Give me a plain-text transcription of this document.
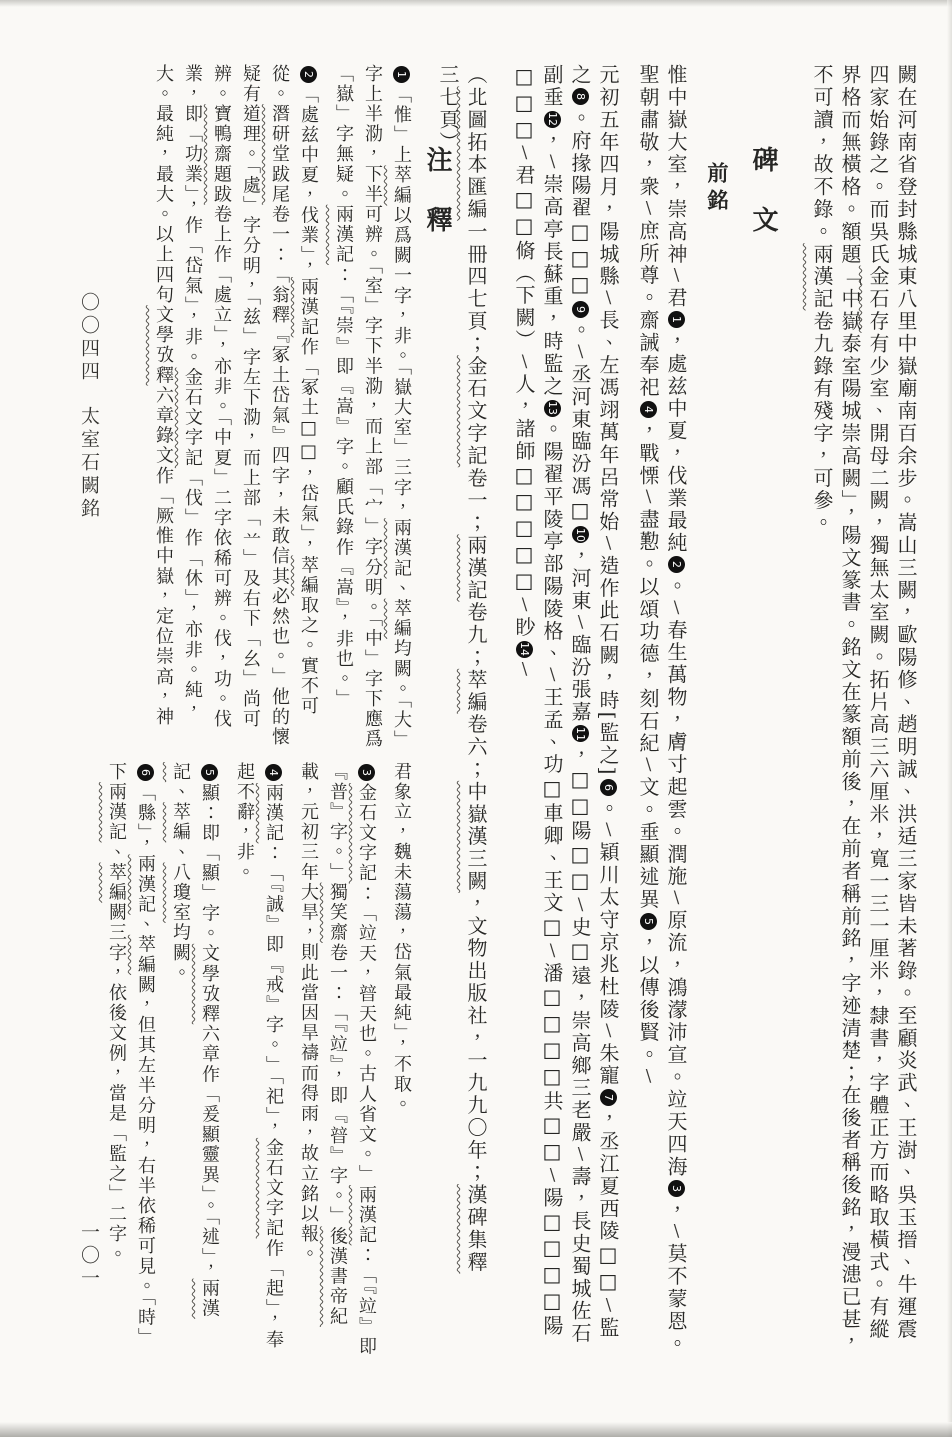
闕在河南省登封縣城東八里中嶽廟南百余步。嵩山三闕，歐陽修、趙明誠、洪适三家皆未著錄。至顧炎武、王澍、吳玉搢、牛運震四家始錄之。而吳氏金石存有少室、開母二闕，獨無太室闕。拓片高三六厘米，寬一三一厘米，隸書，字體正方而略取橫式。有縱界格而無橫格。額題「中嶽泰室陽城崇高闕」，陽文篆書。銘文在篆額前後，在前者稱前銘，字迹清楚；在後者稱後銘，漫漶已甚，不可讀，故不錄。兩漢記卷九錄有殘字，可參。
碑文
前銘
惟中嶽大室，崇高神\君1，處兹中夏，伐業最純2。\春生萬物，膚寸起雲。潤施\原流，鴻濛沛宣。竝天四海3，\莫不蒙恩。聖朝肅敬，衆\庶所尊。齋誡奉祀4，戰慄\盡懃。以頌功德，刻石紀\文。垂顯述異5，以傳後賢。\
元初五年四月，陽城縣\長、左馮翊萬年呂常始\造作此石闕，時[監之]6。\穎川太守京兆杜陵\朱寵7，丞江夏西陵□□\監之8。府掾陽翟□□□9。\丞河東臨汾馮□10，河東\臨汾張嘉11，□□陽□□\史□遠，崇高鄉三老嚴\壽，長史蜀城佐石副垂12，\崇高亭長蘇重，時監之13。陽翟平陵亭部陽陵格、\王孟、功□車卿、王文□\潘□□□□共□□\陽□□□□陽□□□\君□□脩（下闕）\人，諸師□□□□□\眇14\
（北圖拓本匯編一冊四七頁；金石文字記卷一；兩漢記卷九；萃編卷六；中嶽漢三闕，文物出版社，一九九〇年；漢碑集釋三七頁）
注釋
1「惟」上萃編以爲闕一字，非。「嶽大室」三字，兩漢記、萃編均闕。「大」字上半泐，下半可辨。「室」字下半泐，而上部「宀」字分明。「中」字下應爲「嶽」字無疑。兩漢記：「『崇』即『嵩』字。顧氏錄作『嵩』，非也。」
2「處兹中夏，伐業」，兩漢記作「冢土□□，岱氣」，萃編取之。實不可從。潛研堂跋尾卷一：「翁釋『冢土岱氣』四字，未敢信其必然也。」他的懷疑有道理。「處」字分明，「兹」字左下泐，而上部「䒑」及右下「幺」尚可辨。寶鴨齋題跋卷上作「處立」，亦非。「中夏」二字依稀可辨。伐，功。伐業，即「功業」，作「岱氣」，非。金石文字記「伐」作「休」，亦非。純，大。最純，最大。以上四句文學攷釋六章錄文作「厥惟中嶽，定位崇高，神
君象立，魏未蕩蕩，岱氣最純」，不取。
3金石文字記：「竝天，暜天也。古人省文。」兩漢記：「『竝』即『普』字。」獨笑齋卷一：「『竝』，即『暜』字。」後漢書帝紀載，元初三年大旱，則此當因旱禱而得雨，故立銘以報。
4兩漢記：「『誠』即『戒』字。」「祀」，金石文字記作「起」，奉起不辭，非。
5顯：即「顯」字。文學攷釋六章作「爰顯靈異」。「述」，兩漢記、萃編、八瓊室均闕。
6「縣」，兩漢記、萃編闕，但其左半分明，右半依稀可見。「時」下兩漢記、萃編闕三字，依後文例，當是「監之」二字。
〇〇四四太室石闕銘
一〇一
